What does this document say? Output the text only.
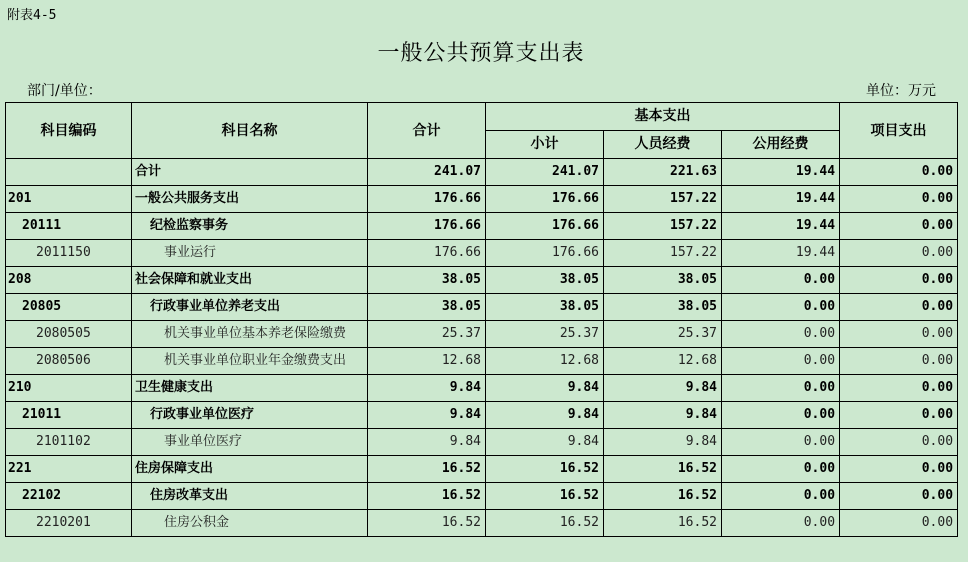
附表4-5
一般公共预算支出表
部门/单位：	单位：万元
科目编码	科目名称	合计	基本支出			项目支出
			小计	人员经费	公用经费	
	合计	241.07	241.07	221.63	19.44	0.00
201	一般公共服务支出	176.66	176.66	157.22	19.44	0.00
20111	纪检监察事务	176.66	176.66	157.22	19.44	0.00
2011150	事业运行	176.66	176.66	157.22	19.44	0.00
208	社会保障和就业支出	38.05	38.05	38.05	0.00	0.00
20805	行政事业单位养老支出	38.05	38.05	38.05	0.00	0.00
2080505	机关事业单位基本养老保险缴费	25.37	25.37	25.37	0.00	0.00
2080506	机关事业单位职业年金缴费支出	12.68	12.68	12.68	0.00	0.00
210	卫生健康支出	9.84	9.84	9.84	0.00	0.00
21011	行政事业单位医疗	9.84	9.84	9.84	0.00	0.00
2101102	事业单位医疗	9.84	9.84	9.84	0.00	0.00
221	住房保障支出	16.52	16.52	16.52	0.00	0.00
22102	住房改革支出	16.52	16.52	16.52	0.00	0.00
2210201	住房公积金	16.52	16.52	16.52	0.00	0.00
